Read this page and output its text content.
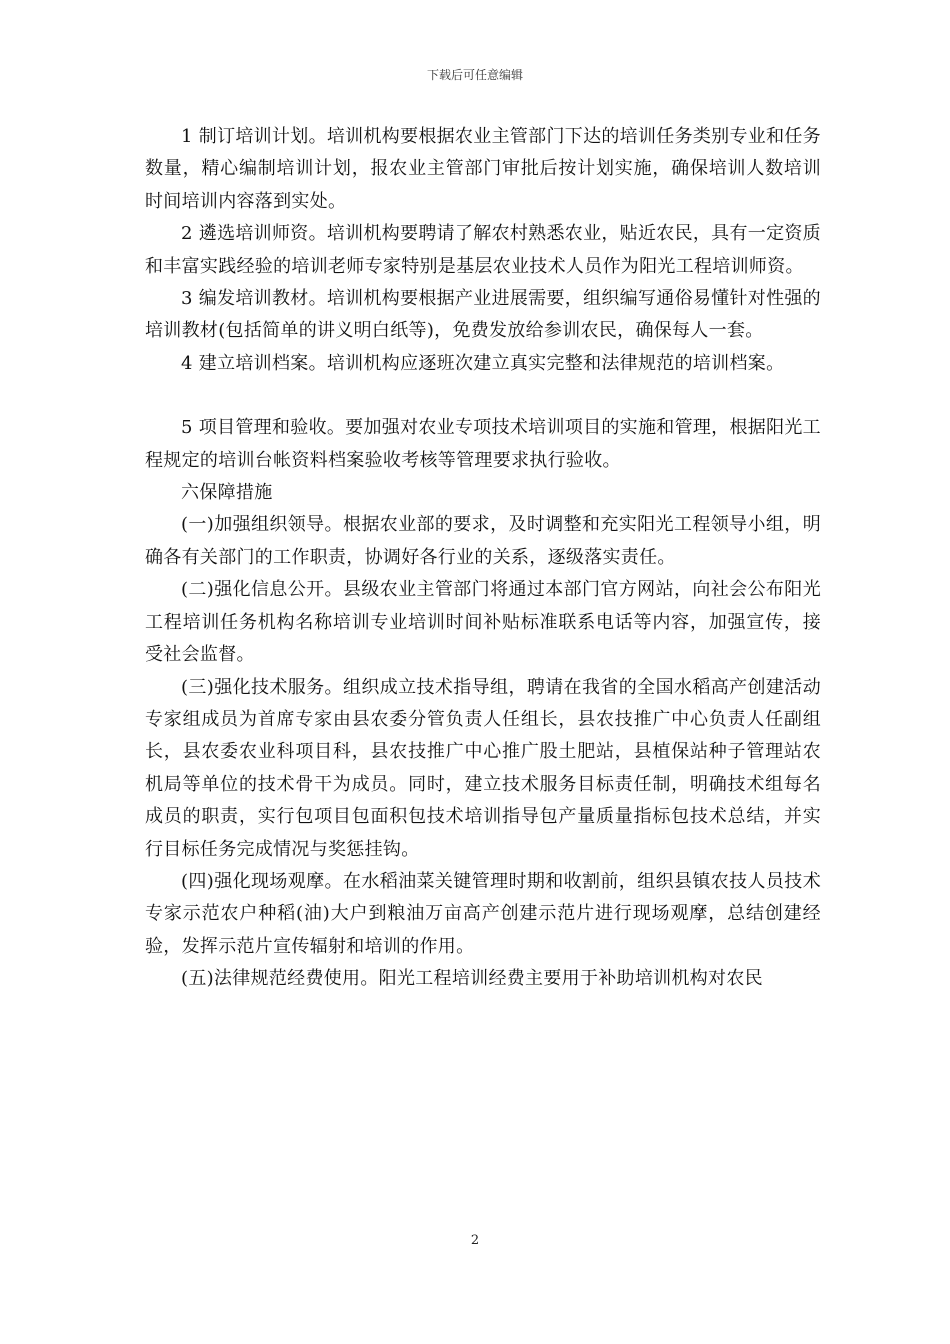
下载后可任意编辑

1 制订培训计划。培训机构要根据农业主管部门下达的培训任务类别专业和任务数量，精心编制培训计划，报农业主管部门审批后按计划实施，确保培训人数培训时间培训内容落到实处。

2 遴选培训师资。培训机构要聘请了解农村熟悉农业，贴近农民，具有一定资质和丰富实践经验的培训老师专家特别是基层农业技术人员作为阳光工程培训师资。

3 编发培训教材。培训机构要根据产业进展需要，组织编写通俗易懂针对性强的培训教材(包括简单的讲义明白纸等)，免费发放给参训农民，确保每人一套。

4 建立培训档案。培训机构应逐班次建立真实完整和法律规范的培训档案。

5 项目管理和验收。要加强对农业专项技术培训项目的实施和管理，根据阳光工程规定的培训台帐资料档案验收考核等管理要求执行验收。

六保障措施

(一)加强组织领导。根据农业部的要求，及时调整和充实阳光工程领导小组，明确各有关部门的工作职责，协调好各行业的关系，逐级落实责任。

(二)强化信息公开。县级农业主管部门将通过本部门官方网站，向社会公布阳光工程培训任务机构名称培训专业培训时间补贴标准联系电话等内容，加强宣传，接受社会监督。

(三)强化技术服务。组织成立技术指导组，聘请在我省的全国水稻高产创建活动专家组成员为首席专家由县农委分管负责人任组长，县农技推广中心负责人任副组长，县农委农业科项目科，县农技推广中心推广股土肥站，县植保站种子管理站农机局等单位的技术骨干为成员。同时，建立技术服务目标责任制，明确技术组每名成员的职责，实行包项目包面积包技术培训指导包产量质量指标包技术总结，并实行目标任务完成情况与奖惩挂钩。

(四)强化现场观摩。在水稻油菜关键管理时期和收割前，组织县镇农技人员技术专家示范农户种稻(油)大户到粮油万亩高产创建示范片进行现场观摩，总结创建经验，发挥示范片宣传辐射和培训的作用。

(五)法律规范经费使用。阳光工程培训经费主要用于补助培训机构对农民

2
